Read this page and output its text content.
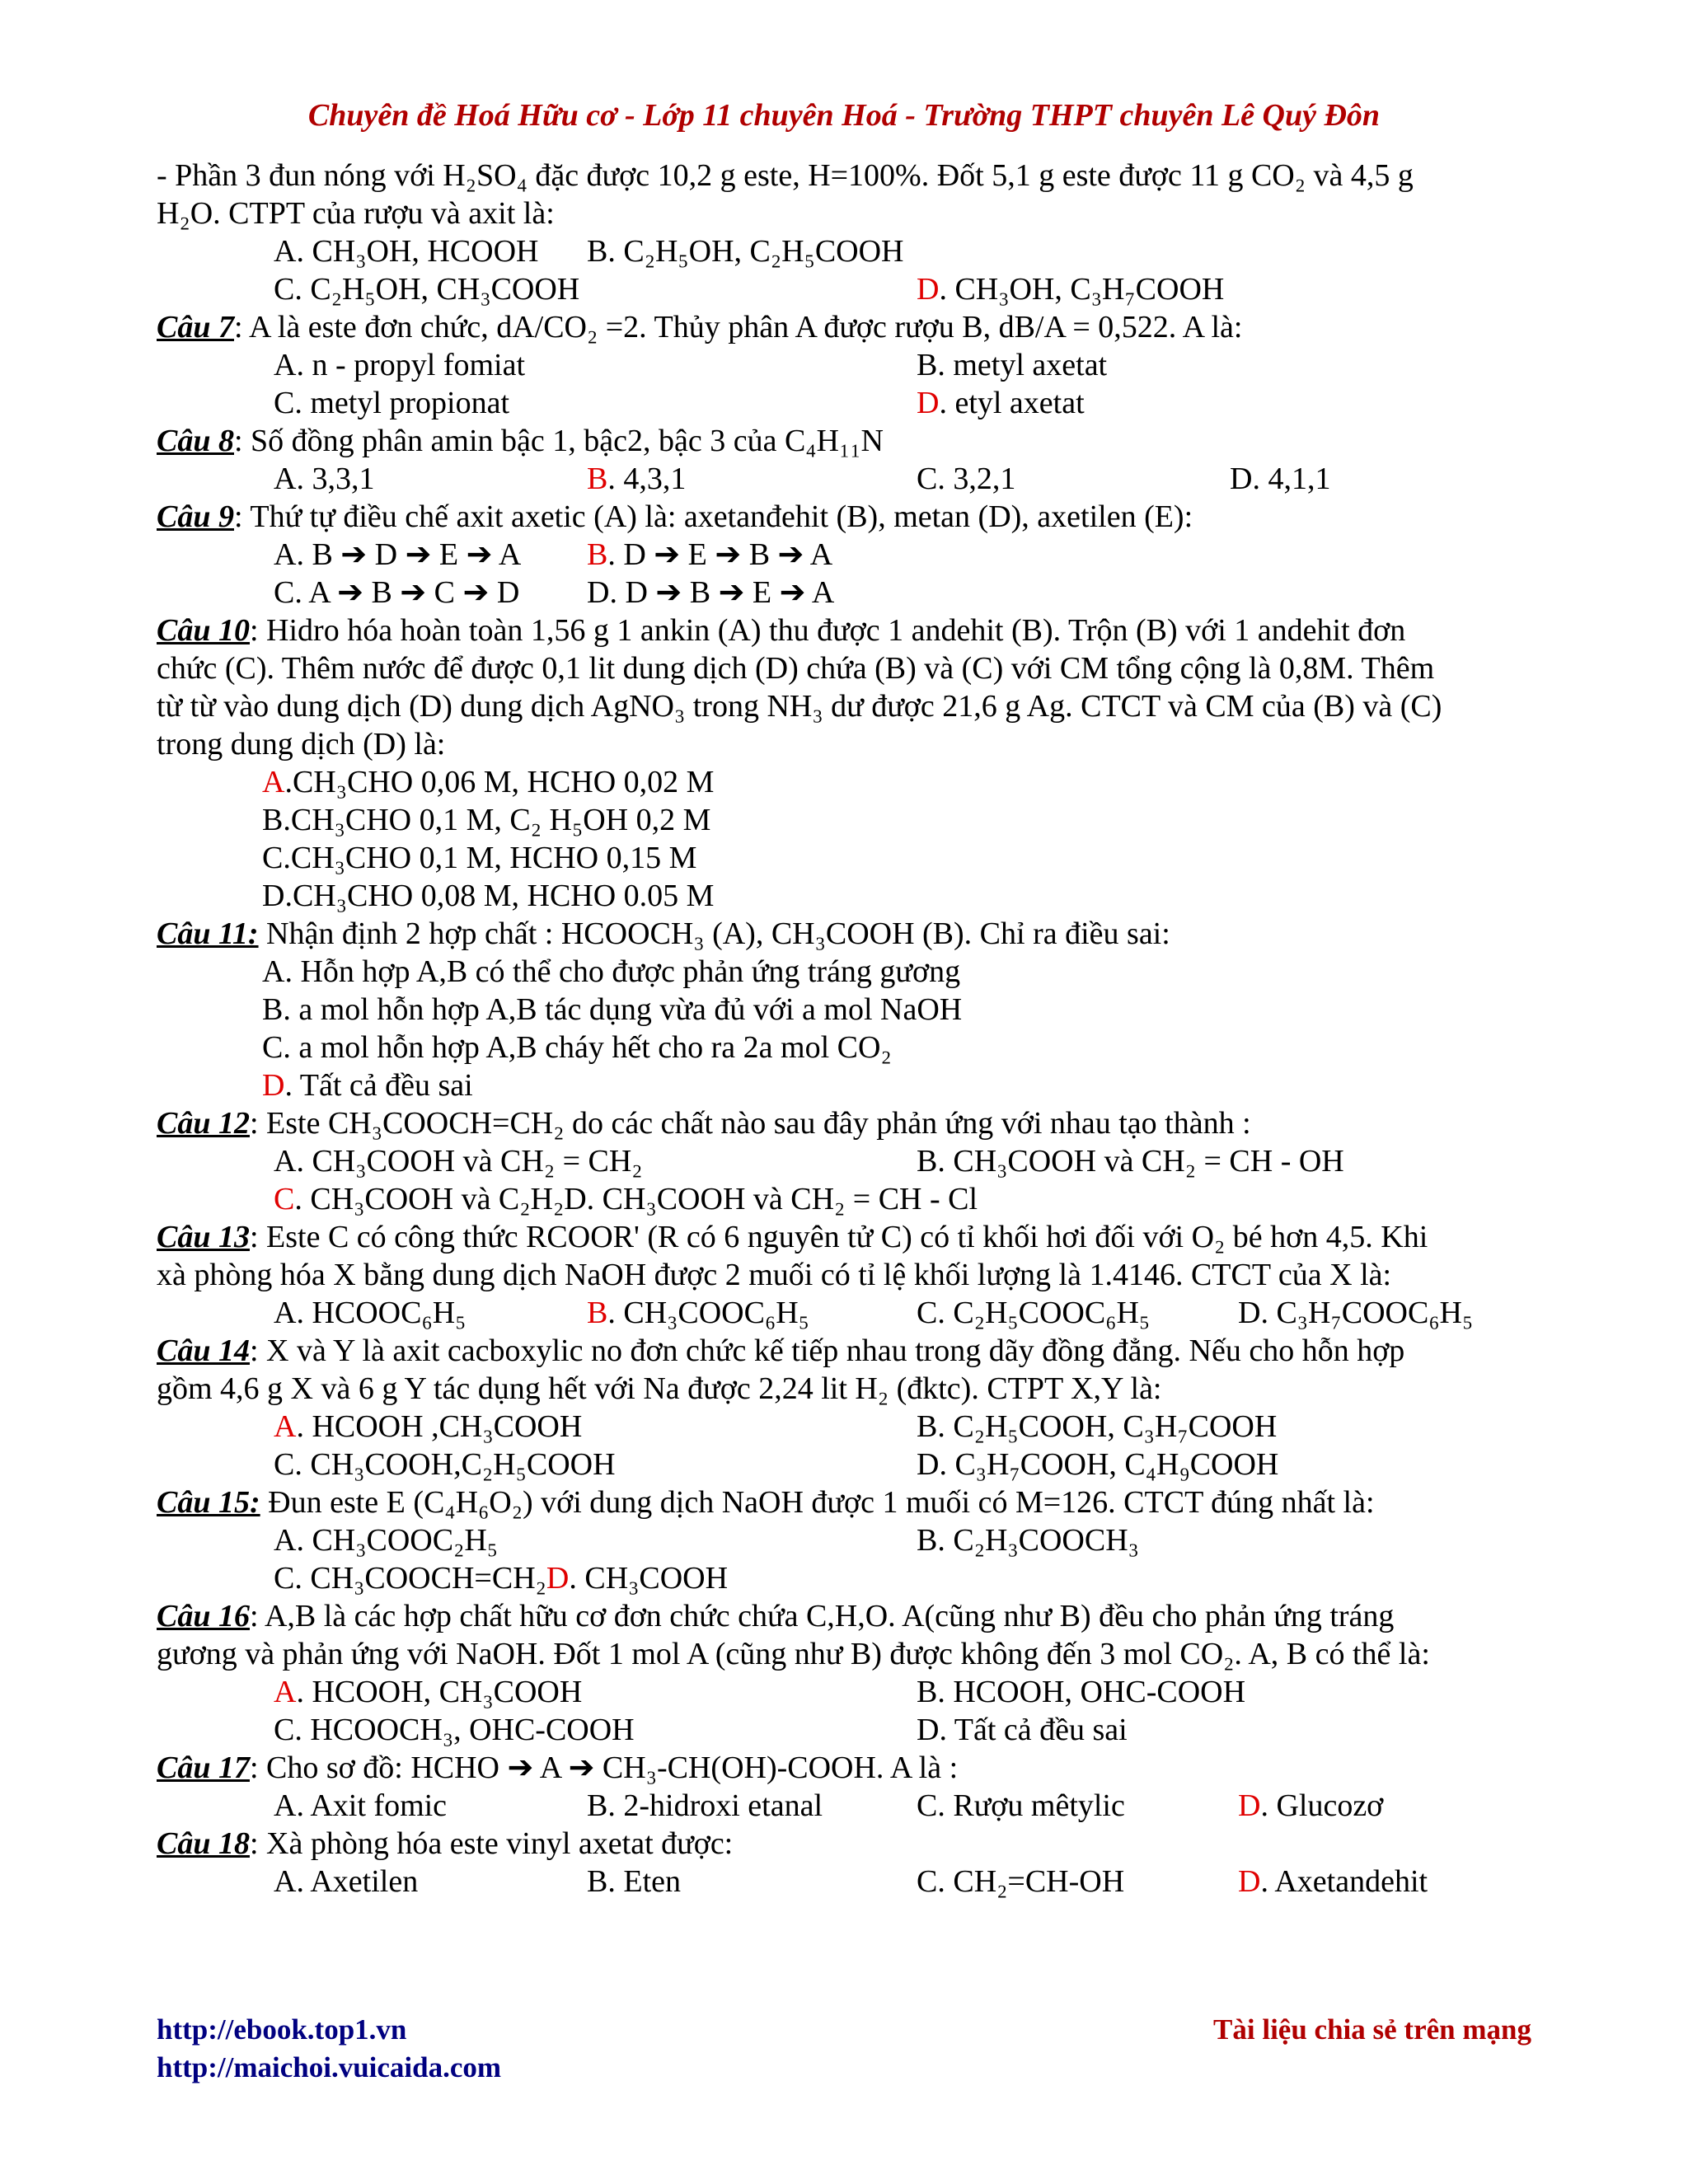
Chuyên đề Hoá Hữu cơ - Lớp 11 chuyên Hoá - Trường THPT chuyên Lê Quý Đôn
- Phần 3 đun nóng với H₂SO₄ đặc được 10,2 g este, H=100%. Đốt 5,1 g este được 11 g CO₂ và 4,5 g
H₂O. CTPT của rượu và axit là:
A. CH₃OH, HCOOH	B. C₂H₅OH, C₂H₅COOH
C. C₂H₅OH, CH₃COOH	D. CH₃OH, C₃H₇COOH
Câu 7: A là este đơn chức, dA/CO₂ =2. Thủy phân A được rượu B, dB/A = 0,522. A là:
A. n - propyl fomiat	B. metyl axetat
C. metyl propionat	D. etyl axetat
Câu 8: Số đồng phân amin bậc 1, bậc2, bậc 3 của C₄H₁₁N
A. 3,3,1	B. 4,3,1	C. 3,2,1	D. 4,1,1
Câu 9: Thứ tự điều chế axit axetic (A) là: axetanđehit (B), metan (D), axetilen (E):
A. B ➔ D ➔ E ➔ A	B. D ➔ E ➔ B ➔ A
C. A ➔ B ➔ C ➔ D	D. D ➔ B ➔ E ➔ A
Câu 10: Hidro hóa hoàn toàn 1,56 g 1 ankin (A) thu được 1 andehit (B). Trộn (B) với 1 andehit đơn
chức (C). Thêm nước để được 0,1 lit dung dịch (D) chứa (B) và (C) với CM tổng cộng là 0,8M. Thêm
từ từ vào dung dịch (D) dung dịch AgNO₃ trong NH₃ dư được 21,6 g Ag. CTCT và CM của (B) và (C)
trong dung dịch (D) là:
A.CH₃CHO 0,06 M, HCHO 0,02 M
B.CH₃CHO 0,1 M, C₂ H₅OH 0,2 M
C.CH₃CHO 0,1 M, HCHO 0,15 M
D.CH₃CHO 0,08 M, HCHO 0.05 M
Câu 11: Nhận định 2 hợp chất : HCOOCH₃ (A), CH₃COOH (B). Chỉ ra điều sai:
A. Hỗn hợp A,B có thể cho được phản ứng tráng gương
B. a mol hỗn hợp A,B tác dụng vừa đủ với a mol NaOH
C. a mol hỗn hợp A,B cháy hết cho ra 2a mol CO₂
D. Tất cả đều sai
Câu 12: Este CH₃COOCH=CH₂ do các chất nào sau đây phản ứng với nhau tạo thành :
A. CH₃COOH và CH₂ = CH₂	B. CH₃COOH và CH₂ = CH - OH
C. CH₃COOH và C₂H₂ D. CH₃COOH và CH₂ = CH - Cl
Câu 13: Este C có công thức RCOOR' (R có 6 nguyên tử C) có tỉ khối hơi đối với O₂ bé hơn 4,5. Khi
xà phòng hóa X bằng dung dịch NaOH được 2 muối có tỉ lệ khối lượng là 1.4146. CTCT của X là:
A. HCOOC₆H₅	B. CH₃COOC₆H₅	C. C₂H₅COOC₆H₅	D. C₃H₇COOC₆H₅
Câu 14: X và Y là axit cacboxylic no đơn chức kế tiếp nhau trong dãy đồng đẳng. Nếu cho hỗn hợp
gồm 4,6 g X và 6 g Y tác dụng hết với Na được 2,24 lit H₂ (đktc). CTPT X,Y là:
A. HCOOH ,CH₃COOH	B. C₂H₅COOH, C₃H₇COOH
C. CH₃COOH,C₂H₅COOH	D. C₃H₇COOH, C₄H₉COOH
Câu 15: Đun este E (C₄H₆O₂) với dung dịch NaOH được 1 muối có M=126. CTCT đúng nhất là:
A. CH₃COOC₂H₅	B. C₂H₃COOCH₃
C. CH₃COOCH=CH₂ D. CH₃COOH
Câu 16: A,B là các hợp chất hữu cơ đơn chức chứa C,H,O. A(cũng như B) đều cho phản ứng tráng
gương và phản ứng với NaOH. Đốt 1 mol A (cũng như B) được không đến 3 mol CO₂. A, B có thể là:
A. HCOOH, CH₃COOH	B. HCOOH, OHC-COOH
C. HCOOCH₃, OHC-COOH	D. Tất cả đều sai
Câu 17: Cho sơ đồ: HCHO ➔ A ➔ CH₃-CH(OH)-COOH. A là :
A. Axit fomic	B. 2-hidroxi etanal	C. Rượu mêtylic	D. Glucozơ
Câu 18: Xà phòng hóa este vinyl axetat được:
A. Axetilen	B. Eten	C. CH₂=CH-OH	D. Axetandehit
http://ebook.top1.vn
http://maichoi.vuicaida.com
Tài liệu chia sẻ trên mạng
